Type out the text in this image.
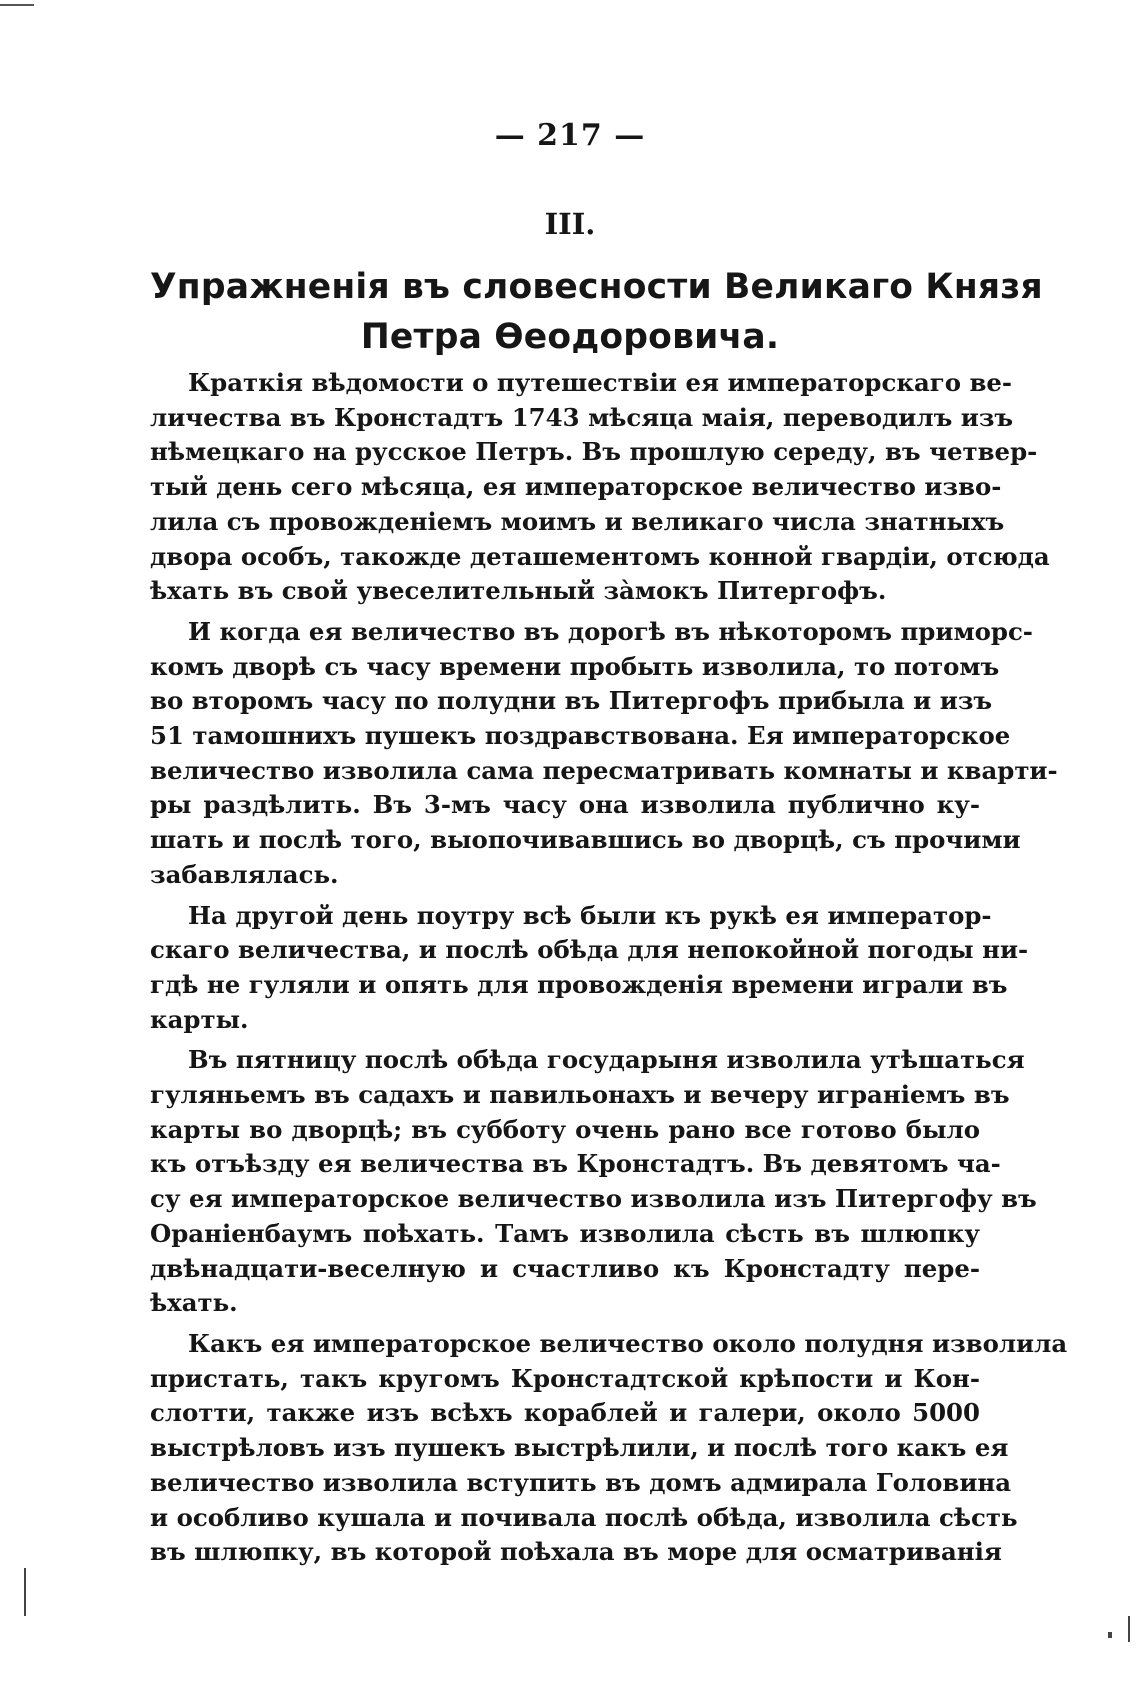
— 217 —
III.
Упражненія въ словесности Великаго Князя
Петра Өеодоровича.
Краткія вѣдомости о путешествіи ея императорскаго ве-
личества въ Кронстадтъ 1743 мѣсяца маія, переводилъ изъ
нѣмецкаго на русское Петръ. Въ прошлую середу, въ четвер-
тый день сего мѣсяца, ея императорское величество изво-
лила съ провожденіемъ моимъ и великаго числа знатныхъ
двора особъ, такожде деташементомъ конной гвардіи, отсюда
ѣхать въ свой увеселительный зàмокъ Питергофъ.
И когда ея величество въ дорогѣ въ нѣкоторомъ приморс-
комъ дворѣ съ часу времени пробыть изволила, то потомъ
во второмъ часу по полудни въ Питергофъ прибыла и изъ
51 тамошнихъ пушекъ поздравствована. Ея императорское
величество изволила сама пересматривать комнаты и кварти-
ры раздѣлить. Въ 3-мъ часу она изволила публично ку-
шать и послѣ того, выопочивавшись во дворцѣ, съ прочими
забавлялась.
На другой день поутру всѣ были къ рукѣ ея император-
скаго величества, и послѣ обѣда для непокойной погоды ни-
гдѣ не гуляли и опять для провожденія времени играли въ
карты.
Въ пятницу послѣ обѣда государыня изволила утѣшаться
гуляньемъ въ садахъ и павильонахъ и вечеру играніемъ въ
карты во дворцѣ; въ субботу очень рано все готово было
къ отъѣзду ея величества въ Кронстадтъ. Въ девятомъ ча-
су ея императорское величество изволила изъ Питергофу въ
Ораніенбаумъ поѣхать. Тамъ изволила сѣсть въ шлюпку
двѣнадцати-веселную и счастливо къ Кронстадту пере-
ѣхать.
Какъ ея императорское величество около полудня изволила
пристать, такъ кругомъ Кронстадтской крѣпости и Кон-
слотти, также изъ всѣхъ кораблей и галери, около 5000
выстрѣловъ изъ пушекъ выстрѣлили, и послѣ того какъ ея
величество изволила вступить въ домъ адмирала Головина
и особливо кушала и почивала послѣ обѣда, изволила сѣсть
въ шлюпку, въ которой поѣхала въ море для осматриванія
